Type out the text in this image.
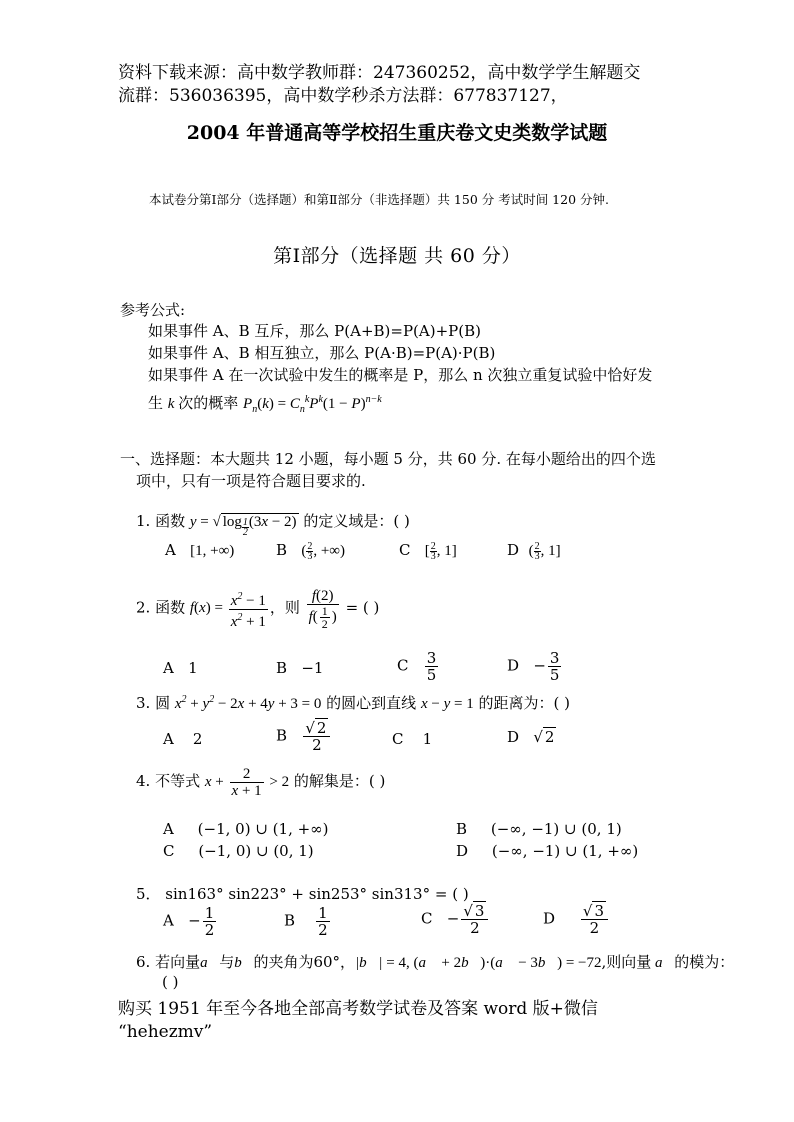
资料下载来源：高中数学教师群：247360252，高中数学学生解题交
流群：536036395，高中数学秒杀方法群：677837127，
2004 年普通高等学校招生重庆卷文史类数学试题
本试卷分第Ⅰ部分（选择题）和第Ⅱ部分（非选择题）共 150 分 考试时间 120 分钟.
第Ⅰ部分（选择题 共 60 分）
参考公式:
如果事件 A、B 互斥，那么 P(A+B)=P(A)+P(B)
如果事件 A、B 相互独立，那么 P(A·B)=P(A)·P(B)
如果事件 A 在一次试验中发生的概率是 P，那么 n 次独立重复试验中恰好发
生 k 次的概率 $P_n(k) = C_n^kP^k(1 - P)^{n-k}$
一、选择题：本大题共 12 小题，每小题 5 分，共 60 分. 在每小题给出的四个选
项中，只有一项是符合题目要求的.
1. 函数 y = √ log $_{\frac{1}{2}}$ (3x − 2) 的定义域是：( )
A [1, +∞)	B ( $\frac{2}{3}$ , +∞)	C [ $\frac{2}{3}$ , 1]	D ( $\frac{2}{3}$ , 1]
2. 函数 $f(x) = \frac{x^2 - 1}{x^2 + 1}$ ，则 $\frac{f(2)}{f( \frac{1}{2} )}$ = ( )
A 1	B −1	C $\frac{3}{5}$	$D - \frac{3}{5}$
3. 圆 $x^2 + y^2 - 2x + 4y + 3 = 0$ 的圆心到直线 x − y = 1 的距离为：( )
A 2	B $\frac{√ 2}{2}$	C 1	D √ 2
4. 不等式 $x + \frac{2}{x + 1} > 2$ 的解集是：( )
A     (−1, 0) ∪ (1, +∞)	B     (−∞, −1) ∪ (0, 1)
C     (−1, 0) ∪ (0, 1)	D     (−∞, −1) ∪ (1, +∞)
5． sin163° sin223° + sin253° sin313° = ( )
$A - \frac{1}{2}$	B $\frac{1}{2}$	$C - \frac{√ 3}{2}$	D $\frac{√ 3}{2}$
6. 若向量a⃗与b⃗的夹角为60°，|b⃗| = 4, (a⃗ + 2b⃗)·(a⃗ − 3b⃗) = −72,则向量 a⃗的模为：
( )
购买 1951 年至今各地全部高考数学试卷及答案 word 版+微信
“hehezmv”
